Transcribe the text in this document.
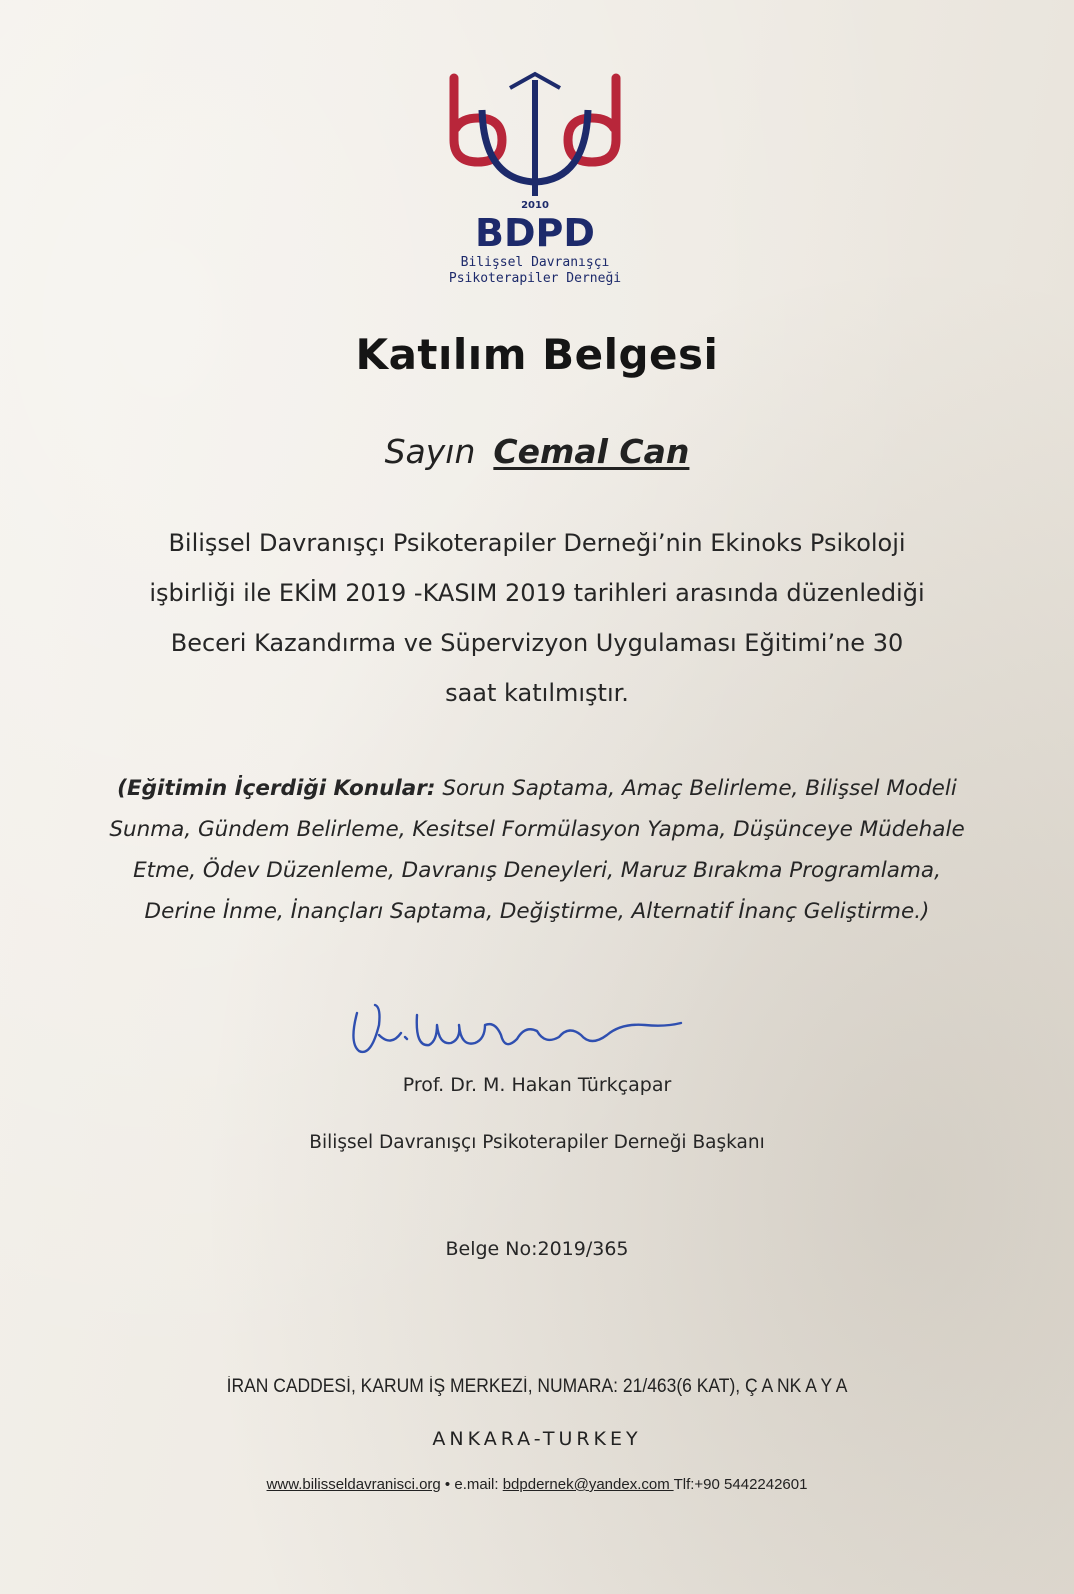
2010
BDPD
Bilişsel Davranışçı
Psikoterapiler Derneği
Katılım Belgesi
Sayın Cemal Can
Bilişsel Davranışçı Psikoterapiler Derneği’nin Ekinoks Psikoloji
işbirliği ile EKİM 2019 -KASIM 2019 tarihleri arasında düzenlediği
Beceri Kazandırma ve Süpervizyon Uygulaması Eğitimi’ne 30
saat katılmıştır.
(Eğitimin İçerdiği Konular: Sorun Saptama, Amaç Belirleme, Bilişsel Modeli
Sunma, Gündem Belirleme, Kesitsel Formülasyon Yapma, Düşünceye Müdehale
Etme, Ödev Düzenleme, Davranış Deneyleri, Maruz Bırakma Programlama,
Derine İnme, İnançları Saptama, Değiştirme, Alternatif İnanç Geliştirme.)
Prof. Dr. M. Hakan Türkçapar
Bilişsel Davranışçı Psikoterapiler Derneği Başkanı
Belge No:2019/365
İRAN CADDESİ, KARUM İŞ MERKEZİ, NUMARA: 21/463(6 KAT), Ç A NK A Y A
ANKARA-TURKEY
www.bilisseldavranisci.org • e.mail: bdpdernek@yandex.com Tlf:+90 5442242601
